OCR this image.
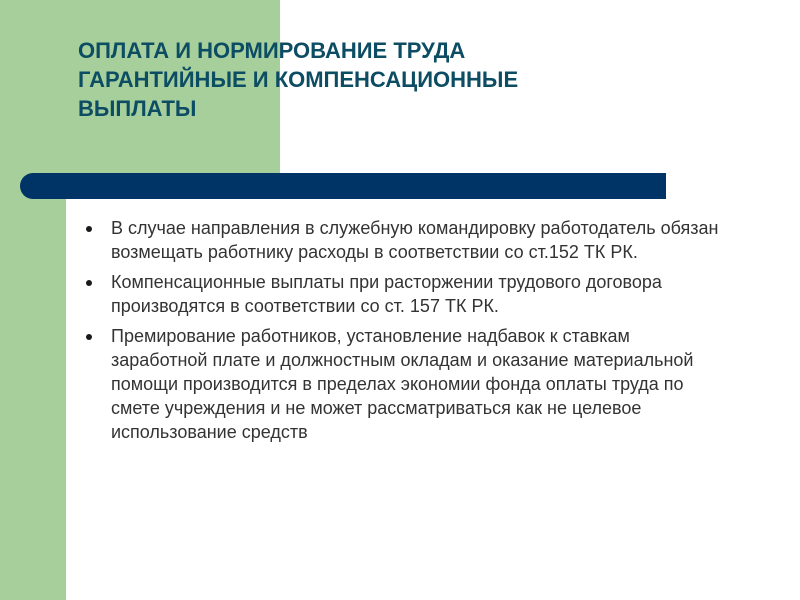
ОПЛАТА И НОРМИРОВАНИЕ ТРУДА
ГАРАНТИЙНЫЕ И КОМПЕНСАЦИОННЫЕ
ВЫПЛАТЫ
В случае направления в служебную командировку работодатель обязан возмещать работнику расходы в соответствии со ст.152 ТК РК.
Компенсационные выплаты при расторжении трудового договора производятся в соответствии со ст. 157 ТК РК.
Премирование работников, установление надбавок к ставкам заработной плате и должностным окладам и оказание материальной помощи производится в пределах экономии фонда оплаты труда по смете учреждения и не может рассматриваться как не целевое использование средств
